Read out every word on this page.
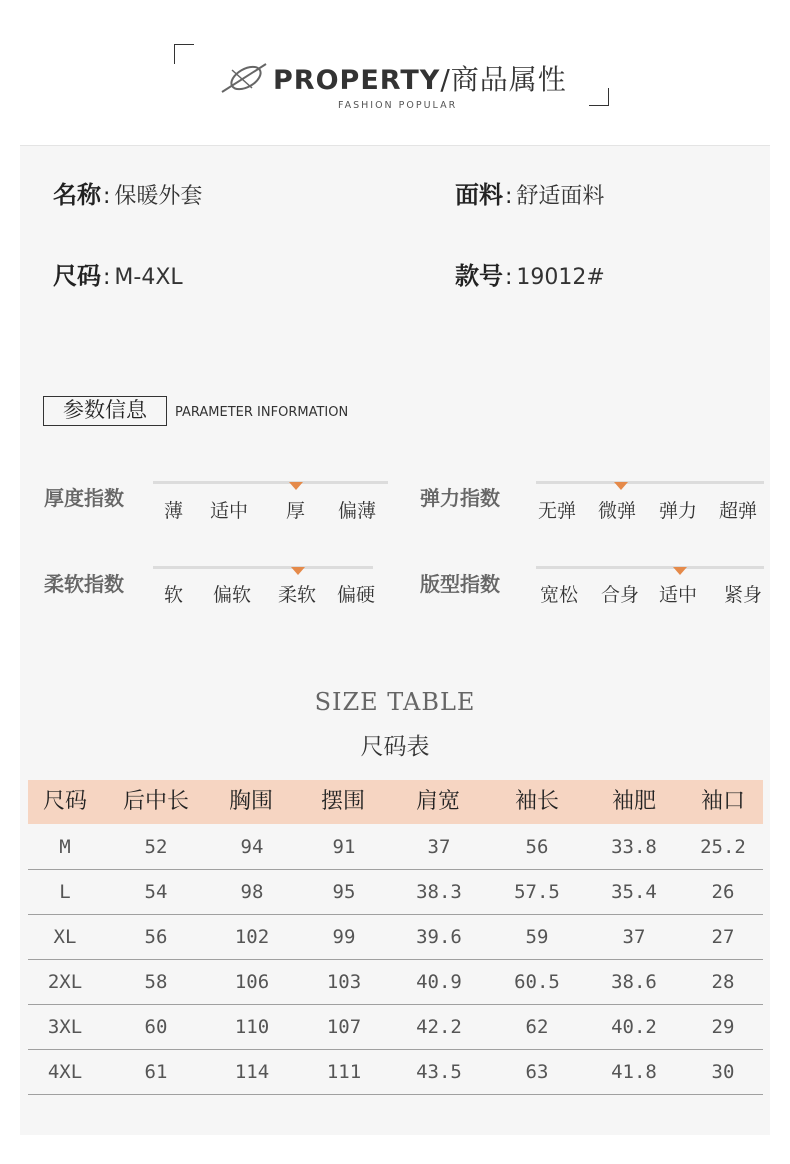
PROPERTY/商品属性
FASHION POPULAR
名称: 保暖外套	面料: 舒适面料
尺码: M-4XL	款号: 19012#
参数信息	PARAMETER INFORMATION
厚度指数
薄 适中 厚 偏薄
弹力指数
无弹 微弹 弹力 超弹
柔软指数 软 偏软 柔软 偏硬 版型指数 宽松 合身 适中 紧身
SIZE TABLE
尺码表
尺码	后中长	胸围	摆围	肩宽	袖长	袖肥	袖口
M	52	94	91	37	56	33.8	25.2
L	54	98	95	38.3	57.5	35.4	26
XL	56	102	99	39.6	59	37	27
2XL	58	106	103	40.9	60.5	38.6	28
3XL	60	110	107	42.2	62	40.2	29
4XL	61	114	111	43.5	63	41.8	30
